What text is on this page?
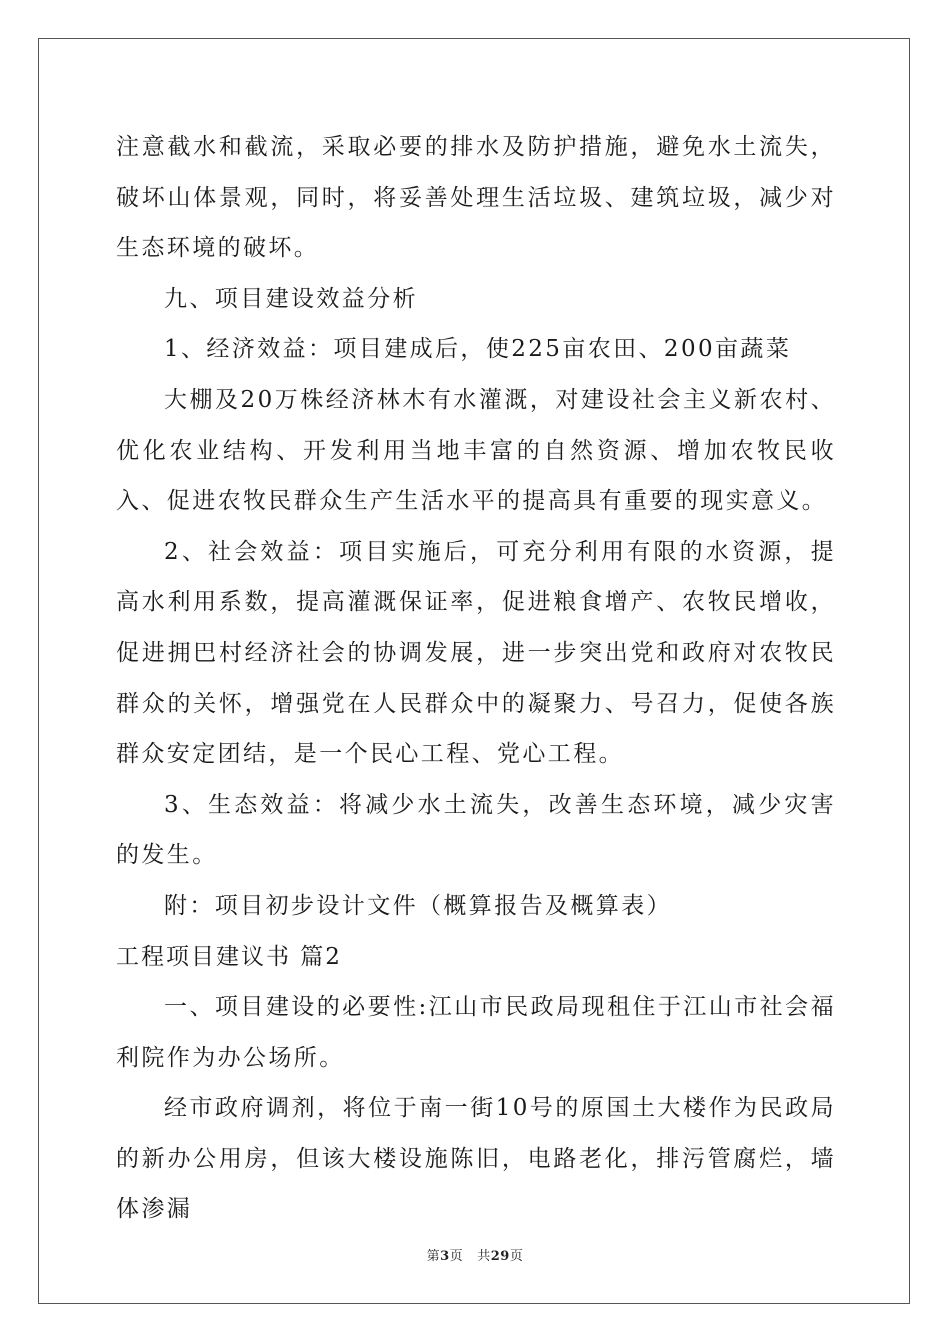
注意截水和截流，采取必要的排水及防护措施，避免水土流失，破坏山体景观，同时，将妥善处理生活垃圾、建筑垃圾，减少对生态环境的破坏。

九、项目建设效益分析

1、经济效益：项目建成后，使225亩农田、200亩蔬菜

大棚及20万株经济林木有水灌溉，对建设社会主义新农村、优化农业结构、开发利用当地丰富的自然资源、增加农牧民收入、促进农牧民群众生产生活水平的提高具有重要的现实意义。

2、社会效益：项目实施后，可充分利用有限的水资源，提高水利用系数，提高灌溉保证率，促进粮食增产、农牧民增收，促进拥巴村经济社会的协调发展，进一步突出党和政府对农牧民群众的关怀，增强党在人民群众中的凝聚力、号召力，促使各族群众安定团结，是一个民心工程、党心工程。

3、生态效益：将减少水土流失，改善生态环境，减少灾害的发生。

附：项目初步设计文件（概算报告及概算表）

工程项目建议书 篇2

一、项目建设的必要性:江山市民政局现租住于江山市社会福利院作为办公场所。

经市政府调剂，将位于南一街10号的原国土大楼作为民政局的新办公用房，但该大楼设施陈旧，电路老化，排污管腐烂，墙体渗漏

第3页 共29页
